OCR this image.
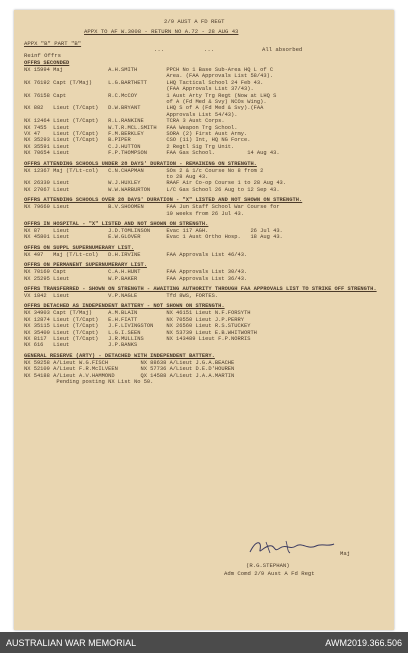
2/9 AUST A FD REGT
APPX TO AF W.3008 - RETURN NO A.72 - 28 AUG 43
APPX "B" PART "B"
...	...	All absorbed
Reinf Offrs
Maj
(R.G.STEPHAN)
Adm Comd 2/9 Aust A Fd Regt
OFFRS SECONDED
NX 15994 Maj              A.H.SMITH         PPCH No 1 Base Sub-Area HQ L of C
Area. (FAA Approvals List 58/43).
NX 76192 Capt (T/Maj)     L.G.BARTHETT      LHQ Tactical School 24 Feb 43.
(FAA Approvals List 37/43).
NX 76158 Capt             R.C.McCOY         1 Aust Arty Trg Regt (Now at LHQ S
of A (Fd Med & Svy) NCOs Wing).
NX 882   Lieut (T/Capt)   D.W.BRYANT        LHQ S of A (Fd Med & Svy).(FAA
Approvals List 54/43).
NX 12464 Lieut (T/Capt)   R.L.RANKINE       TCRA 3 Aust Corps.
NX 7455  Lieut            W.T.R.MCL.SMITH   FAA Weapon Trg School.
VX 47    Lieut (T/Capt)   F.M.BERKLEY       SORA (2) First Aust Army.
NX 35293 Lieut (T/Capt)   B.PIPER           CSO (11) Int, HQ NG Force.
NX 35591 Lieut            C.J.HUTTON        2 Regtl Sig Trg Unit.
NX 70654 Lieut            F.P.THOMPSON      FAA Gas School.          14 Aug 43.
OFFRS ATTENDING SCHOOLS UNDER 28 DAYS' DURATION - REMAINING ON STRENGTH.
NX 12367 Maj (T/Lt-col)   C.N.CHAPMAN       SOs 2 & 1/c Course No 8 from 2
to 28 Aug 43.
NX 26330 Lieut            W.J.HUXLEY        RAAF Air Co-op Course 1 to 28 Aug 43.
NX 27067 Lieut            W.W.WARBURTON     L/C Gas School 26 Aug to 12 Sep 43.
OFFRS ATTENDING SCHOOLS OVER 28 DAYS' DURATION - "X" LISTED AND NOT SHOWN ON STRENGTH.
NX 79660 Lieut            B.V.SHOOMEN       FAA Jun Staff School War Course for
10 weeks from 26 Jul 43.
OFFRS IN HOSPITAL - "X" LISTED AND NOT SHOWN ON STRENGTH.
NX 87    Lieut            J.D.TOMLINSON     Evac 117 AGH.             26 Jul 43.
NX 45801 Lieut            E.W.GLOVER        Evac 1 Aust Ortho Hosp.   18 Aug 43.
OFFRS ON SUPPL SUPERNUMERARY LIST.
NX 497   Maj (T/Lt-col)   D.H.IRVINE        FAA Approvals List 46/43.
OFFRS ON PERMANENT SUPERNUMERARY LIST.
NX 70169 Capt             C.A.H.HUNT        FAA Approvals List 30/43.
NX 25295 Lieut            W.P.BAKER         FAA Approvals List 36/43.
OFFRS TRANSFERRED - SHOWN ON STRENGTH - AWAITING AUTHORITY THROUGH FAA APPROVALS LIST TO STRIKE OFF STRENGTH.
VX 1842  Lieut            V.P.NAGLE         Tfd 8WS, FORTES.
OFFRS DETACHED AS INDEPENDENT BATTERY - NOT SHOWN ON STRENGTH.
NX 34903 Capt (T/Maj)     A.M.BLAIN         NX 46151 Lieut N.F.FORSYTH
NX 12874 Lieut (T/Capt)   E.H.FIATT         NX 70550 Lieut J.P.PERRY
NX 35115 Lieut (T/Capt)   J.F.LIVINGSTON    NX 26560 Lieut R.S.STUCKEY
NX 35400 Lieut (T/Capt)   L.G.I.SEEN        NX 53739 Lieut E.B.WHITWORTH
NX 8117  Lieut (T/Capt)   J.R.MULLINS       NX 143489 Lieut F.P.NORRIS
NX 616   Lieut            J.P.BANKS
GENERAL RESERVE (ARTY) - DETACHED WITH INDEPENDENT BATTERY.
NX 59258 A/Lieut W.G.FISCH          NX 88638 A/Lieut J.G.A.BEACHE
NX 52109 A/Lieut F.R.McILVEEN       NX 57736 A/Lieut D.E.D'HOUREN
NX 54188 A/Lieut A.V.HAMMOND        QX 14588 A/Lieut J.A.A.MARTIN
Pending posting NX List No 50.
AUSTRALIAN WAR MEMORIAL	AWM2019.366.506
